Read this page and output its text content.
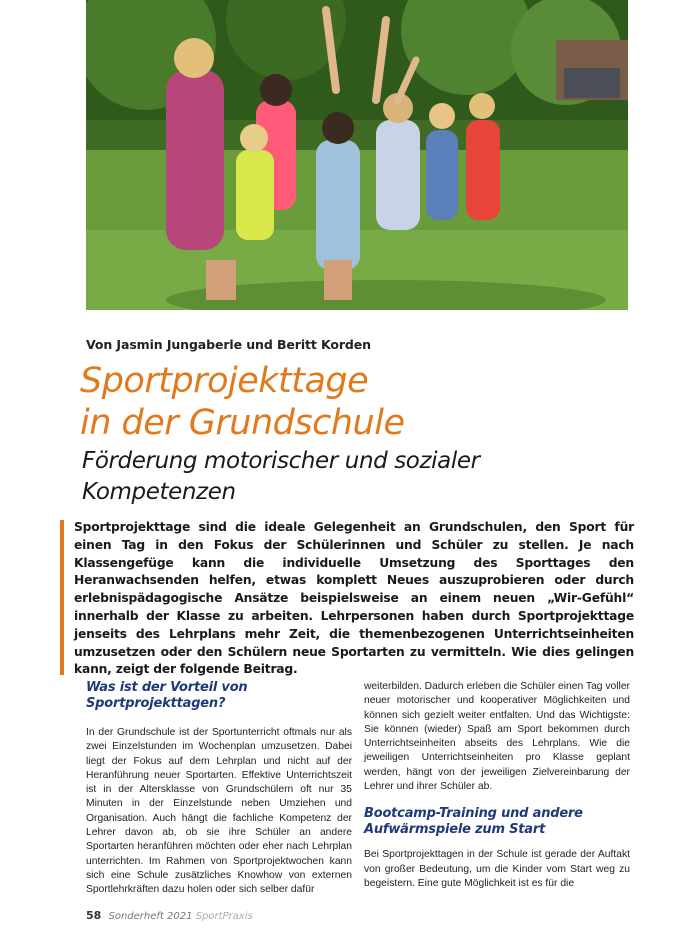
Von Jasmin Jungaberle und Beritt Korden
Sportprojekttage
in der Grundschule
Förderung motorischer und sozialer
Kompetenzen

Sportprojekttage sind die ideale Gelegenheit an Grundschulen, den Sport für einen Tag in den Fokus der Schülerinnen und Schüler zu stellen. Je nach Klassengefüge kann die individuelle Umsetzung des Sporttages den Heranwachsenden helfen, etwas komplett Neues auszuprobieren oder durch erlebnispädagogische Ansätze beispielsweise an einem neuen „Wir-Gefühl“ innerhalb der Klasse zu arbeiten. Lehrpersonen haben durch Sportprojekttage jenseits des Lehrplans mehr Zeit, die themenbezogenen Unterrichtseinheiten umzusetzen oder den Schülern neue Sportarten zu vermitteln. Wie dies gelingen kann, zeigt der folgende Beitrag.

Was ist der Vorteil von Sportprojekttagen?

In der Grundschule ist der Sportunterricht oftmals nur als zwei Einzelstunden im Wochenplan umzusetzen. Dabei liegt der Fokus auf dem Lehrplan und nicht auf der Heranführung neuer Sportarten. Effektive Unterrichtszeit ist in der Altersklasse von Grundschülern oft nur 35 Minuten in der Einzelstunde neben Umziehen und Organisation. Auch hängt die fachliche Kompetenz der Lehrer davon ab, ob sie ihre Schüler an andere Sportarten heranführen möchten oder eher nach Lehrplan unterrichten. Im Rahmen von Sportprojektwochen kann sich eine Schule zusätzliches Knowhow von externen Sportlehrkräften dazu holen oder sich selber dafür

weiterbilden. Dadurch erleben die Schüler einen Tag voller neuer motorischer und kooperativer Möglichkeiten und können sich gezielt weiter entfalten. Und das Wichtigste: Sie können (wieder) Spaß am Sport bekommen durch Unterrichtseinheiten abseits des Lehrplans. Wie die jeweiligen Unterrichtseinheiten pro Klasse geplant werden, hängt von der jeweiligen Zielvereinbarung der Lehrer und ihrer Schüler ab.

Bootcamp-Training und andere Aufwärmspiele zum Start

Bei Sportprojekttagen in der Schule ist gerade der Auftakt von großer Bedeutung, um die Kinder vom Start weg zu begeistern. Eine gute Möglichkeit ist es für die

58 Sonderheft 2021 SportPraxis
